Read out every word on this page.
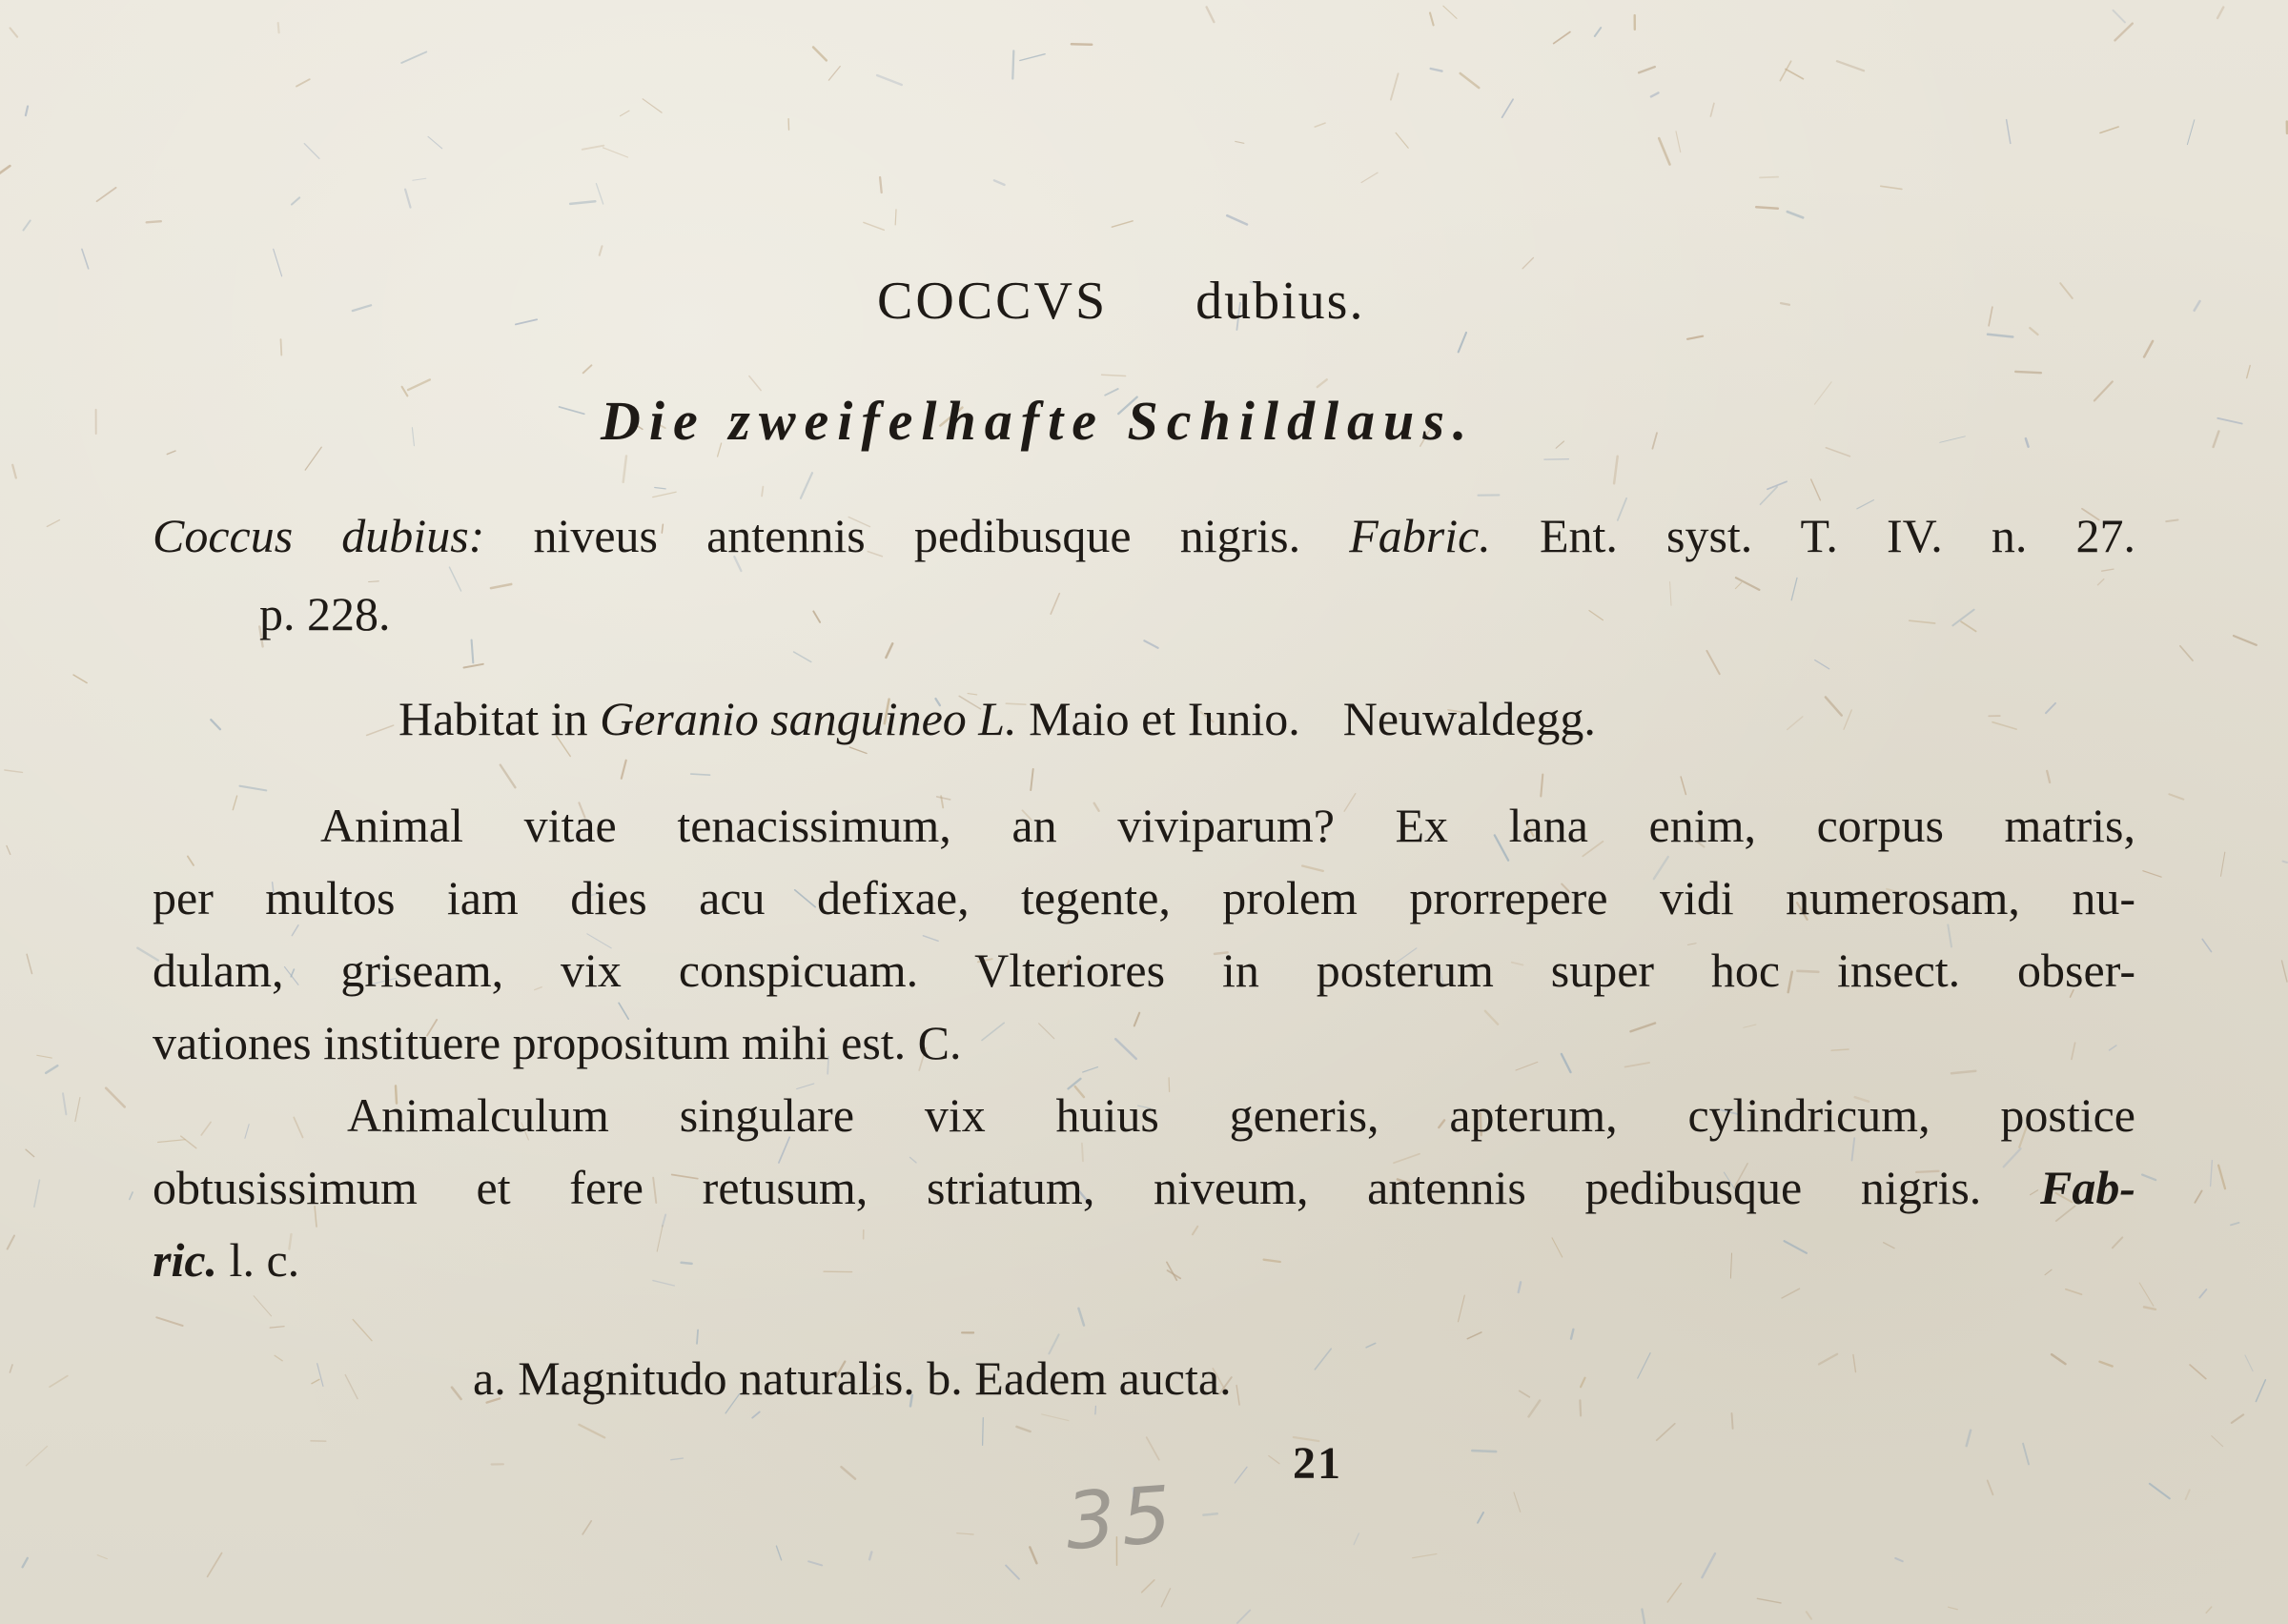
COCCVS dubius.
Die zweifelhafte Schildlaus.
Coccus dubius: niveus antennis pedibusque nigris. Fabric. Ent. syst. T. IV. n. 27.
p. 228.
Habitat in Geranio sanguineo L. Maio et Iunio. Neuwaldegg.
Animal vitae tenacissimum, an viviparum? Ex lana enim, corpus matris,
per multos iam dies acu defixae, tegente, prolem prorrepere vidi numerosam, nu-
dulam, griseam, vix conspicuam. Vlteriores in posterum super hoc insect. obser-
vationes instituere propositum mihi est. C.
Animalculum singulare vix huius generis, apterum, cylindricum, postice
obtusissimum et fere retusum, striatum, niveum, antennis pedibusque nigris. Fab-
ric. l. c.
a. Magnitudo naturalis. b. Eadem aucta.
21
35
